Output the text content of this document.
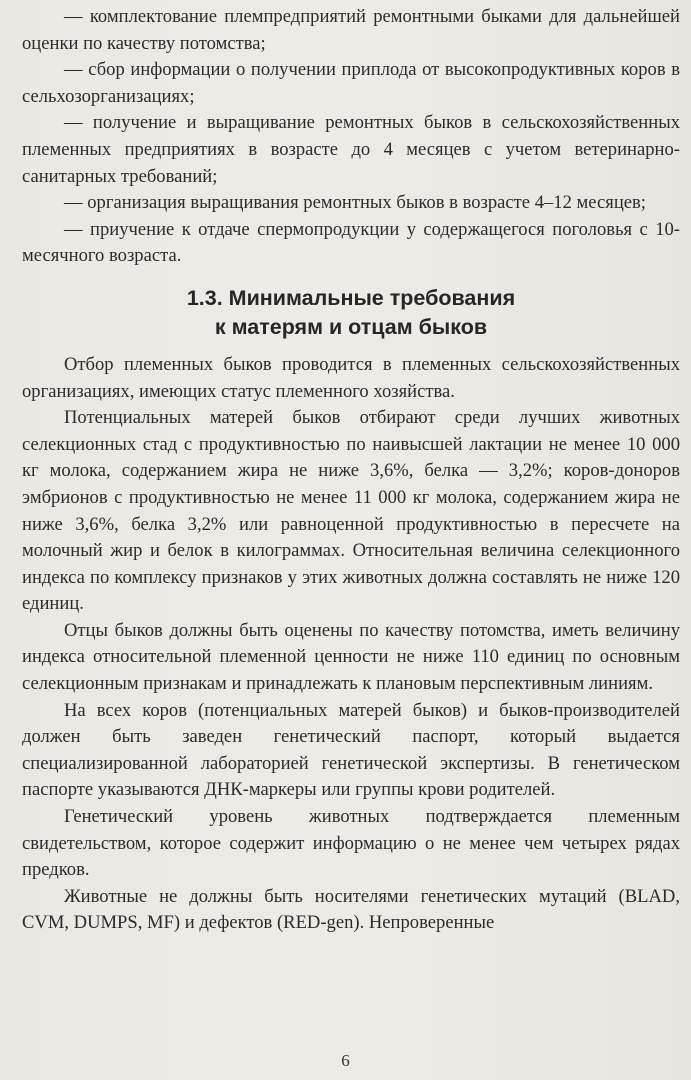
— комплектование племпредприятий ремонтными быками для дальнейшей оценки по качеству потомства;

— сбор информации о получении приплода от высокопродуктивных коров в сельхозорганизациях;

— получение и выращивание ремонтных быков в сельскохозяйственных племенных предприятиях в возрасте до 4 месяцев с учетом ветеринарно-санитарных требований;

— организация выращивания ремонтных быков в возрасте 4–12 месяцев;

— приучение к отдаче спермопродукции у содержащегося поголовья с 10-месячного возраста.

1.3. Минимальные требования
к матерям и отцам быков

Отбор племенных быков проводится в племенных сельскохозяйственных организациях, имеющих статус племенного хозяйства.

Потенциальных матерей быков отбирают среди лучших животных селекционных стад с продуктивностью по наивысшей лактации не менее 10 000 кг молока, содержанием жира не ниже 3,6%, белка — 3,2%; коров-доноров эмбрионов с продуктивностью не менее 11 000 кг молока, содержанием жира не ниже 3,6%, белка 3,2% или равноценной продуктивностью в пересчете на молочный жир и белок в килограммах. Относительная величина селекционного индекса по комплексу признаков у этих животных должна составлять не ниже 120 единиц.

Отцы быков должны быть оценены по качеству потомства, иметь величину индекса относительной племенной ценности не ниже 110 единиц по основным селекционным признакам и принадлежать к плановым перспективным линиям.

На всех коров (потенциальных матерей быков) и быков-производителей должен быть заведен генетический паспорт, который выдается специализированной лабораторией генетической экспертизы. В генетическом паспорте указываются ДНК-маркеры или группы крови родителей.

Генетический уровень животных подтверждается племенным свидетельством, которое содержит информацию о не менее чем четырех рядах предков.

Животные не должны быть носителями генетических мутаций (BLAD, CVM, DUMPS, MF) и дефектов (RED-gen). Непроверенные

6
